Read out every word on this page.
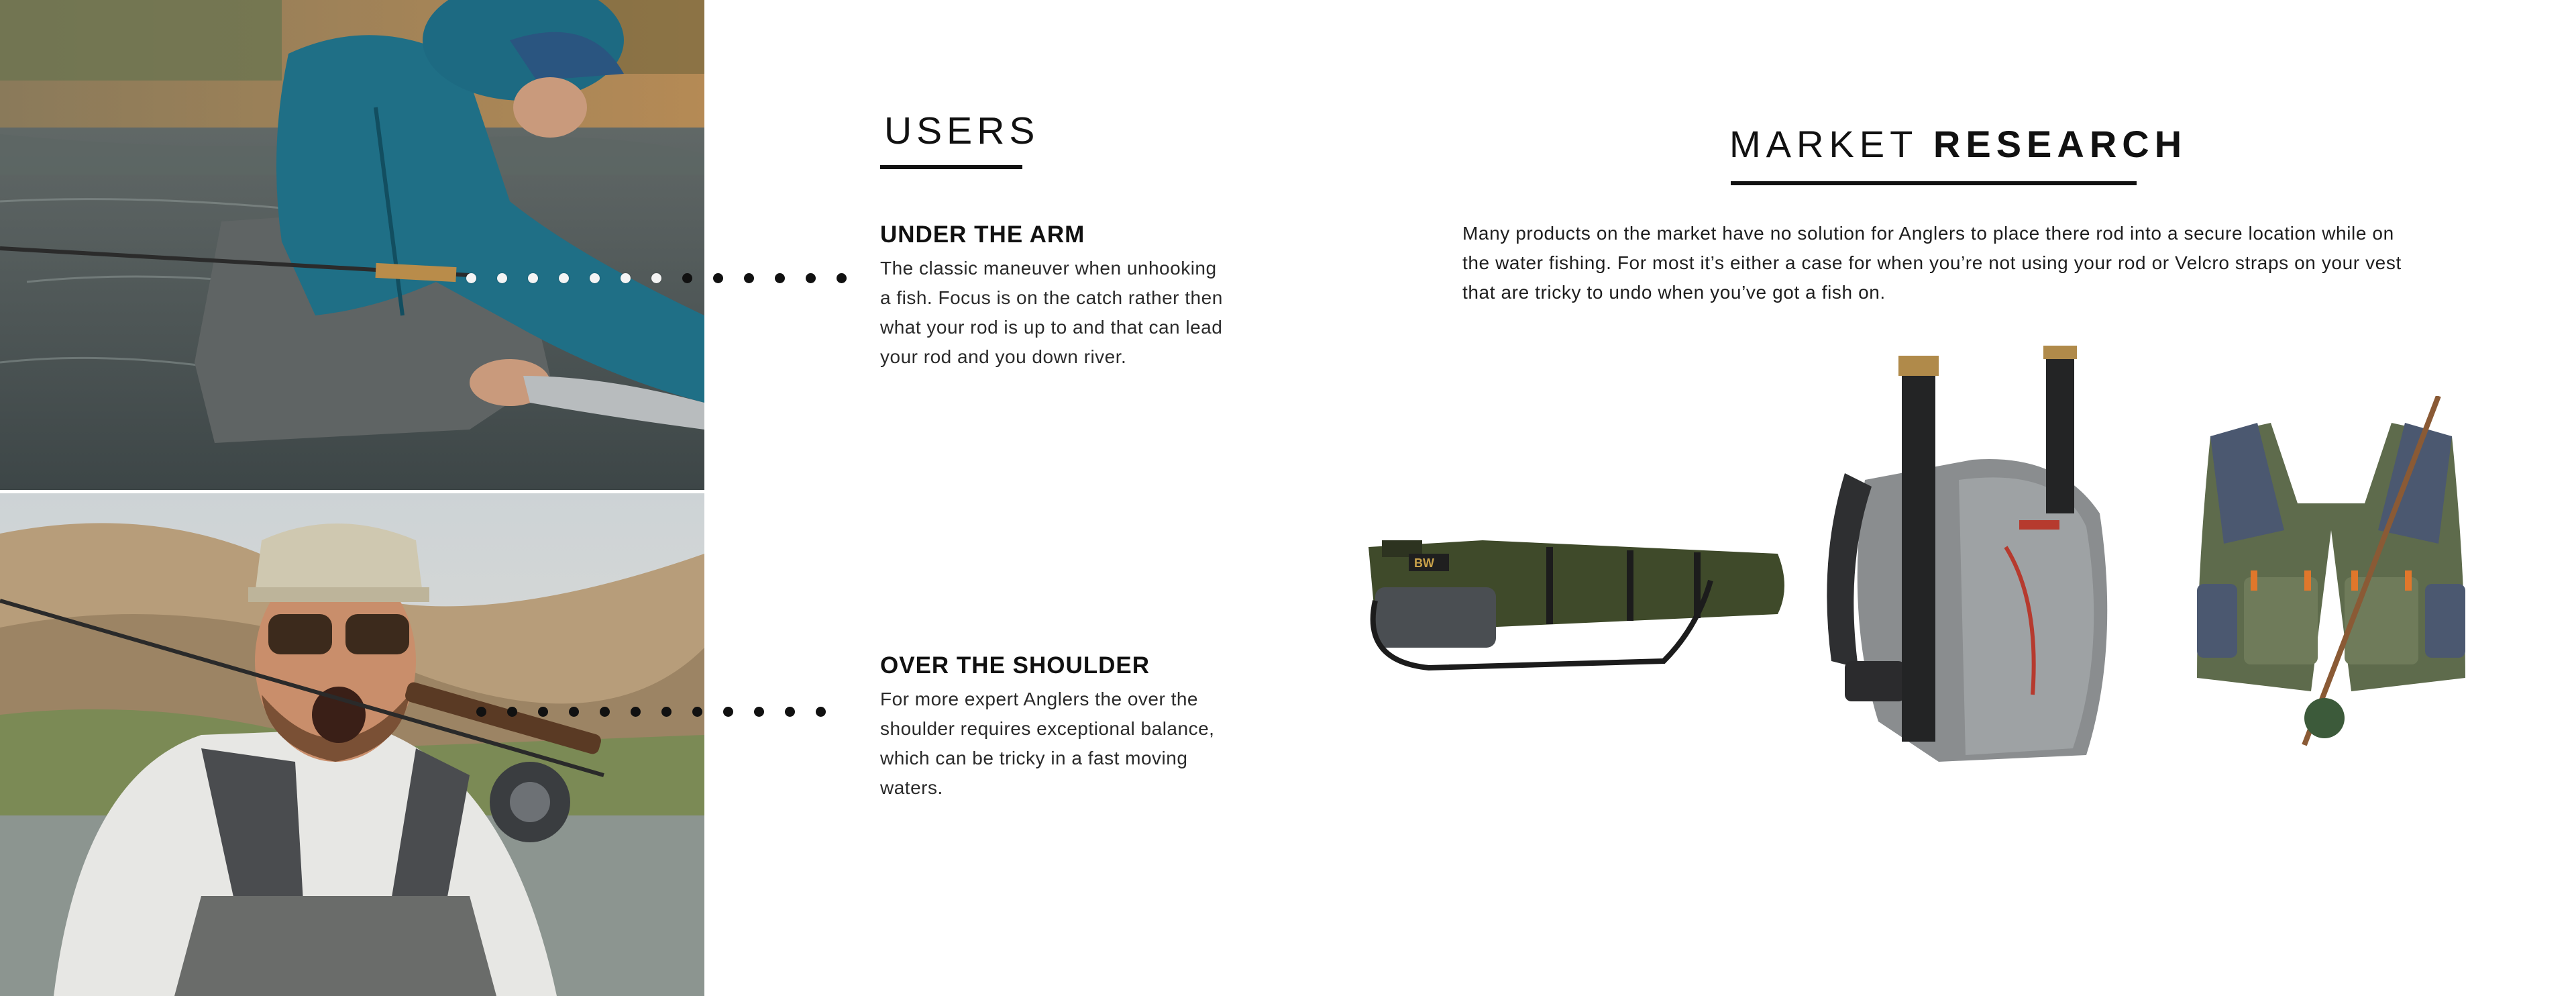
USERS
UNDER THE ARM

The classic maneuver when unhooking a fish. Focus is on the catch rather then what your rod is up to and that can lead your rod and you down river.

OVER THE SHOULDER

For more expert Anglers the over the shoulder requires exceptional balance, which can be tricky in a fast moving waters.

MARKET RESEARCH

Many products on the market have no solution for Anglers to place there rod into a secure location while on the water fishing. For most it’s either a case for when you’re not using your rod or Velcro straps on your vest that are tricky to undo when you’ve got a fish on.

BW
